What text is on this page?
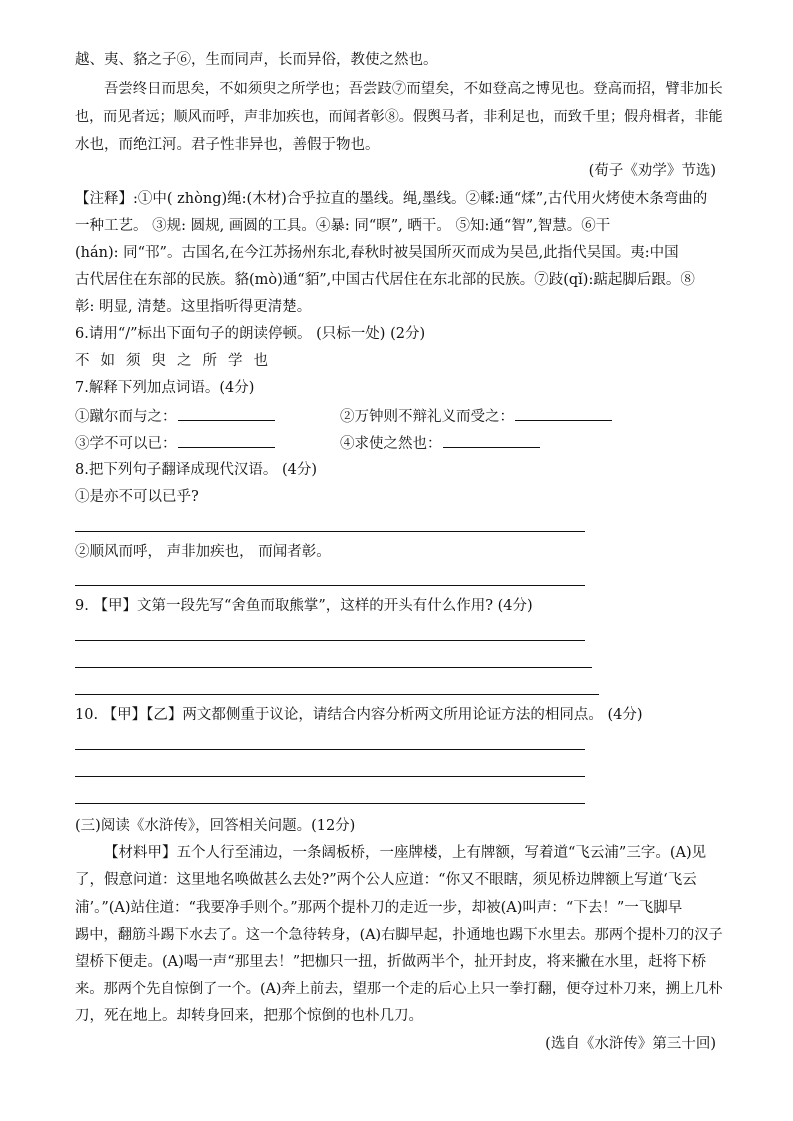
越、夷、貉之子⑥，生而同声，长而异俗，教使之然也。
吾尝终日而思矣，不如须臾之所学也；吾尝跂⑦而望矣，不如登高之博见也。登高而招，臂非加长
也，而见者远；顺风而呼，声非加疾也，而闻者彰⑧。假舆马者，非利足也，而致千里；假舟楫者，非能
水也，而绝江河。君子性非异也，善假于物也。
(荀子《劝学》节选)
【注释】:①中( zhòng)绳:(木材)合乎拉直的墨线。绳,墨线。②輮:通“煣”,古代用火烤使木条弯曲的
一种工艺。 ③规: 圆规, 画圆的工具。④暴: 同“暝”, 晒干。 ⑤知:通“智”,智慧。⑥干
(hán): 同“邗”。古国名,在今江苏扬州东北,春秋时被吴国所灭而成为吴邑,此指代吴国。夷:中国
古代居住在东部的民族。貉(mò)通“貊”,中国古代居住在东北部的民族。⑦跂(qǐ):踮起脚后跟。⑧
彰: 明显, 清楚。这里指听得更清楚。
6.请用“/”标出下面句子的朗读停顿。 (只标一处) (2分)
不如须臾之所学也
7.解释下列加点词语。(4分)
①蹴尔而与之：	②万钟则不辩礼义而受之：
③学不可以已：	④求使之然也：
8.把下列句子翻译成现代汉语。 (4分)
①是亦不可以已乎?
②顺风而呼， 声非加疾也， 而闻者彰。
9. 【甲】文第一段先写“舍鱼而取熊掌”，这样的开头有什么作用? (4分)
10. 【甲】【乙】两文都侧重于议论，请结合内容分析两文所用论证方法的相同点。 (4分)
(三)阅读《水浒传》，回答相关问题。(12分)
【材料甲】五个人行至浦边，一条阔板桥，一座牌楼，上有牌额，写着道“飞云浦”三字。(A)见
了，假意问道：这里地名唤做甚么去处?”两个公人应道：“你又不眼瞎，须见桥边牌额上写道‘飞云
浦’。”(A)站住道：“我要净手则个。”那两个提朴刀的走近一步，却被(A)叫声：“下去！”一飞脚早
踢中，翻筋斗踢下水去了。这一个急待转身，(A)右脚早起，扑通地也踢下水里去。那两个提朴刀的汉子
望桥下便走。(A)喝一声“那里去！”把枷只一扭，折做两半个，扯开封皮，将来撇在水里，赶将下桥
来。那两个先自惊倒了一个。(A)奔上前去，望那一个走的后心上只一拳打翻，便夺过朴刀来，搠上几朴
刀，死在地上。却转身回来，把那个惊倒的也朴几刀。
(选自《水浒传》第三十回)
